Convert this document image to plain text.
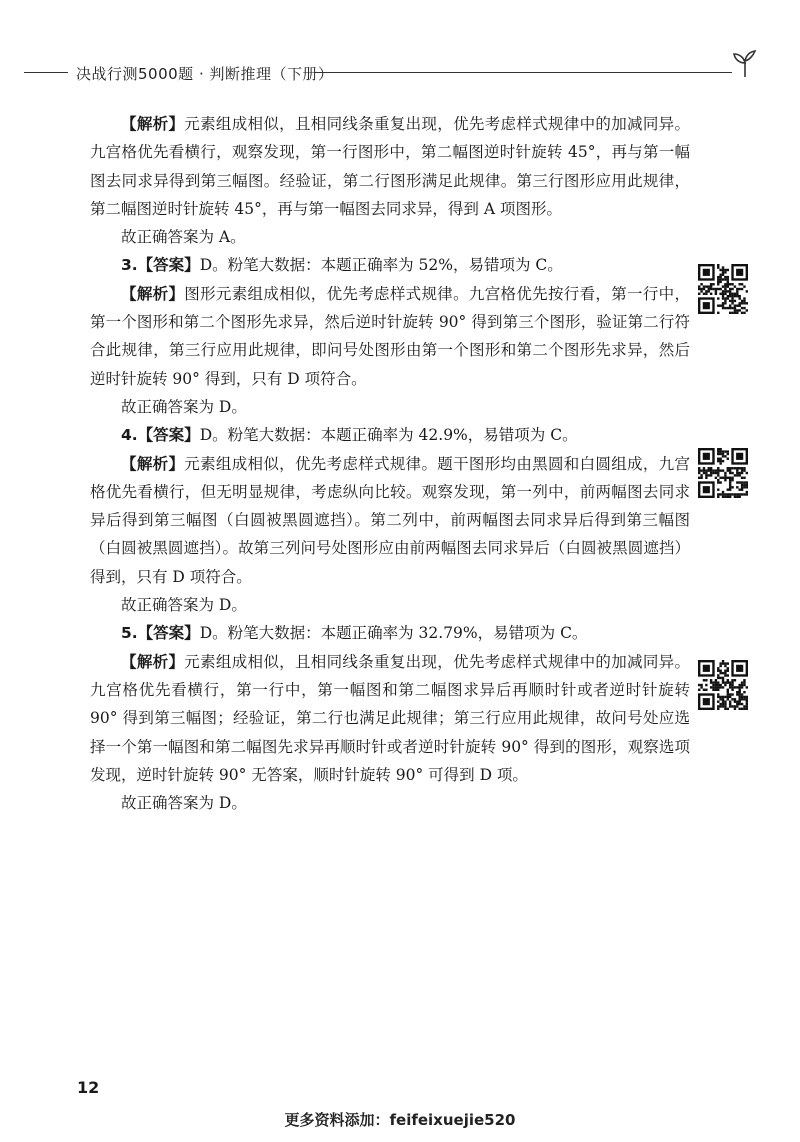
决战行测5000题 · 判断推理（下册）

【解析】元素组成相似，且相同线条重复出现，优先考虑样式规律中的加减同异。九宫格优先看横行，观察发现，第一行图形中，第二幅图逆时针旋转 45°，再与第一幅图去同求异得到第三幅图。经验证，第二行图形满足此规律。第三行图形应用此规律，第二幅图逆时针旋转 45°，再与第一幅图去同求异，得到 A 项图形。

故正确答案为 A。

3.【答案】D。粉笔大数据：本题正确率为 52%，易错项为 C。

【解析】图形元素组成相似，优先考虑样式规律。九宫格优先按行看，第一行中，第一个图形和第二个图形先求异，然后逆时针旋转 90° 得到第三个图形，验证第二行符合此规律，第三行应用此规律，即问号处图形由第一个图形和第二个图形先求异，然后逆时针旋转 90° 得到，只有 D 项符合。

故正确答案为 D。

4.【答案】D。粉笔大数据：本题正确率为 42.9%，易错项为 C。

【解析】元素组成相似，优先考虑样式规律。题干图形均由黑圆和白圆组成，九宫格优先看横行，但无明显规律，考虑纵向比较。观察发现，第一列中，前两幅图去同求异后得到第三幅图（白圆被黑圆遮挡）。第二列中，前两幅图去同求异后得到第三幅图（白圆被黑圆遮挡）。故第三列问号处图形应由前两幅图去同求异后（白圆被黑圆遮挡）得到，只有 D 项符合。

故正确答案为 D。

5.【答案】D。粉笔大数据：本题正确率为 32.79%，易错项为 C。

【解析】元素组成相似，且相同线条重复出现，优先考虑样式规律中的加减同异。九宫格优先看横行，第一行中，第一幅图和第二幅图求异后再顺时针或者逆时针旋转 90° 得到第三幅图；经验证，第二行也满足此规律；第三行应用此规律，故问号处应选择一个第一幅图和第二幅图先求异再顺时针或者逆时针旋转 90° 得到的图形，观察选项发现，逆时针旋转 90° 无答案，顺时针旋转 90° 可得到 D 项。

故正确答案为 D。

12
更多资料添加：feifeixuejie520
